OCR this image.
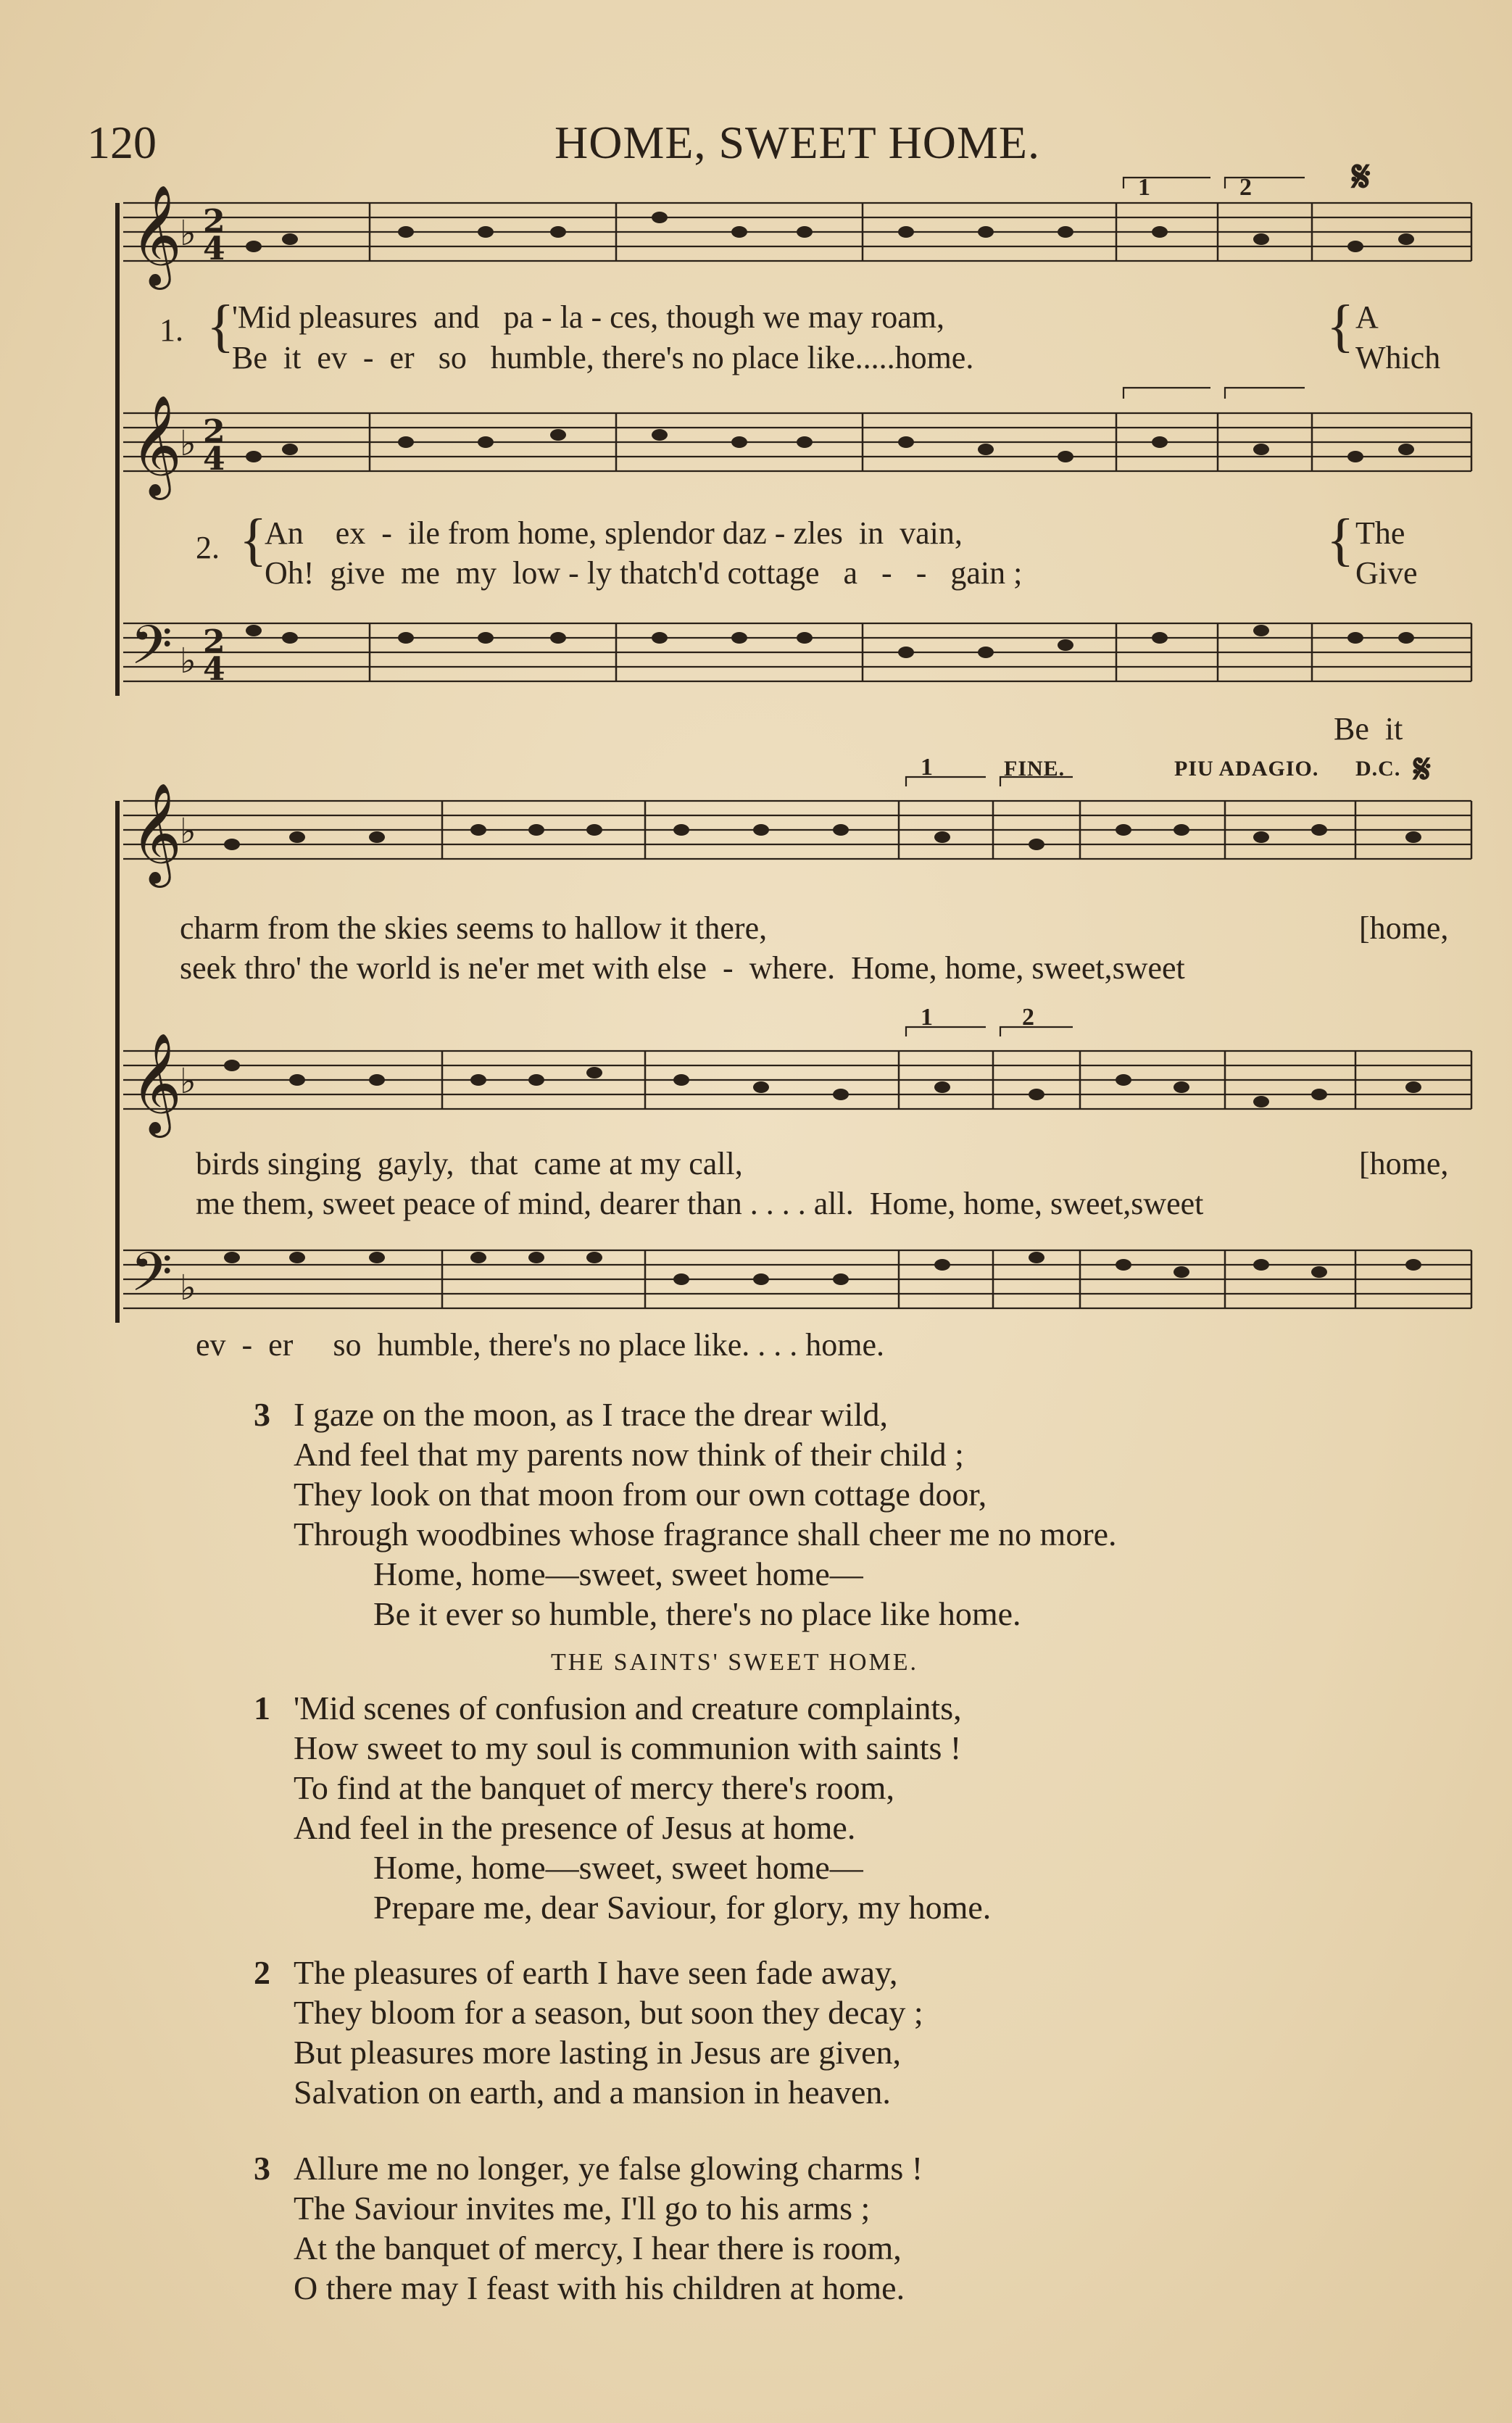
120	HOME, SWEET HOME.
𝄞
𝄞
𝄢
♭
♭
♭
2
4
2
4
2
4
1	2 𝄋
1. {
'Mid pleasures  and   pa - la - ces, though we may roam,
Be  it  ev  -  er   so   humble, there's no place like.....home.	{ A
Which
2. {
An    ex  -  ile from home, splendor daz - zles  in  vain,
Oh!  give  me  my  low - ly thatch'd cottage   a   -   -   gain ;
{ The
Give
Be  it
𝄞
𝄞
𝄢
♭
♭
♭
1	FINE.	PIU ADAGIO. D.C. 𝄋
1	2
charm from the skies seems to hallow it there,	[home,
seek thro' the world is ne'er met with else  -  where.  Home, home, sweet,sweet
birds singing  gayly,  that  came at my call,	[home,
me them, sweet peace of mind, dearer than . . . . all.  Home, home, sweet,sweet
ev  -  er     so  humble, there's no place like. . . . home.
3 I gaze on the moon, as I trace the drear wild,
And feel that my parents now think of their child ;
They look on that moon from our own cottage door,
Through woodbines whose fragrance shall cheer me no more.
Home, home—sweet, sweet home—
Be it ever so humble, there's no place like home.
THE SAINTS' SWEET HOME.
1 'Mid scenes of confusion and creature complaints,
How sweet to my soul is communion with saints !
To find at the banquet of mercy there's room,
And feel in the presence of Jesus at home.
Home, home—sweet, sweet home—
Prepare me, dear Saviour, for glory, my home.
2 The pleasures of earth I have seen fade away,
They bloom for a season, but soon they decay ;
But pleasures more lasting in Jesus are given,
Salvation on earth, and a mansion in heaven.
3 Allure me no longer, ye false glowing charms !
The Saviour invites me, I'll go to his arms ;
At the banquet of mercy, I hear there is room,
O there may I feast with his children at home.
